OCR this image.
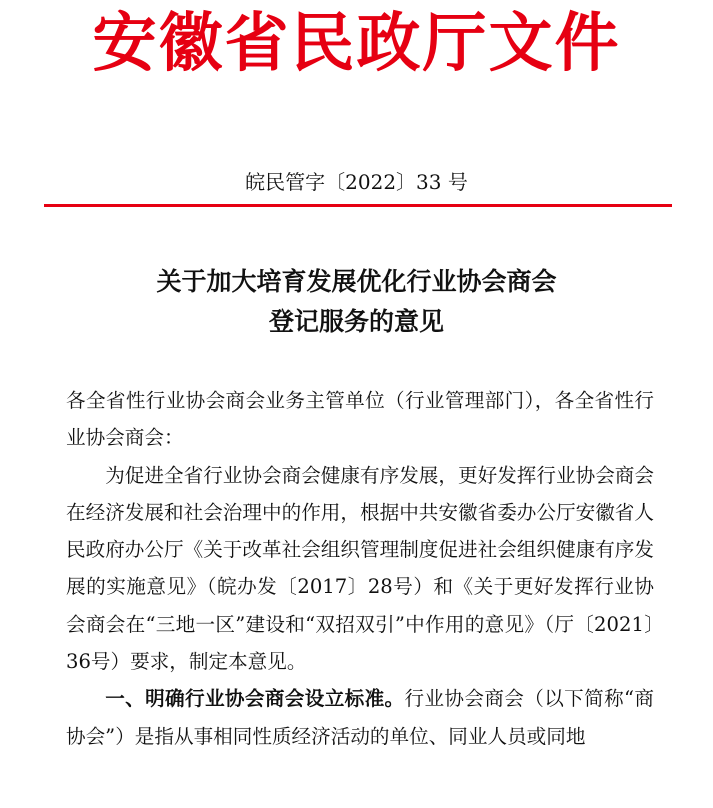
安徽省民政厅文件
皖民管字〔2022〕33 号
关于加大培育发展优化行业协会商会
登记服务的意见

各全省性行业协会商会业务主管单位（行业管理部门），各全省性行业协会商会：

为促进全省行业协会商会健康有序发展，更好发挥行业协会商会在经济发展和社会治理中的作用，根据中共安徽省委办公厅安徽省人民政府办公厅《关于改革社会组织管理制度促进社会组织健康有序发展的实施意见》（皖办发〔2017〕28号）和《关于更好发挥行业协会商会在“三地一区”建设和“双招双引”中作用的意见》（厅〔2021〕36号）要求，制定本意见。

一、明确行业协会商会设立标准。行业协会商会（以下简称“商协会”）是指从事相同性质经济活动的单位、同业人员或同地
